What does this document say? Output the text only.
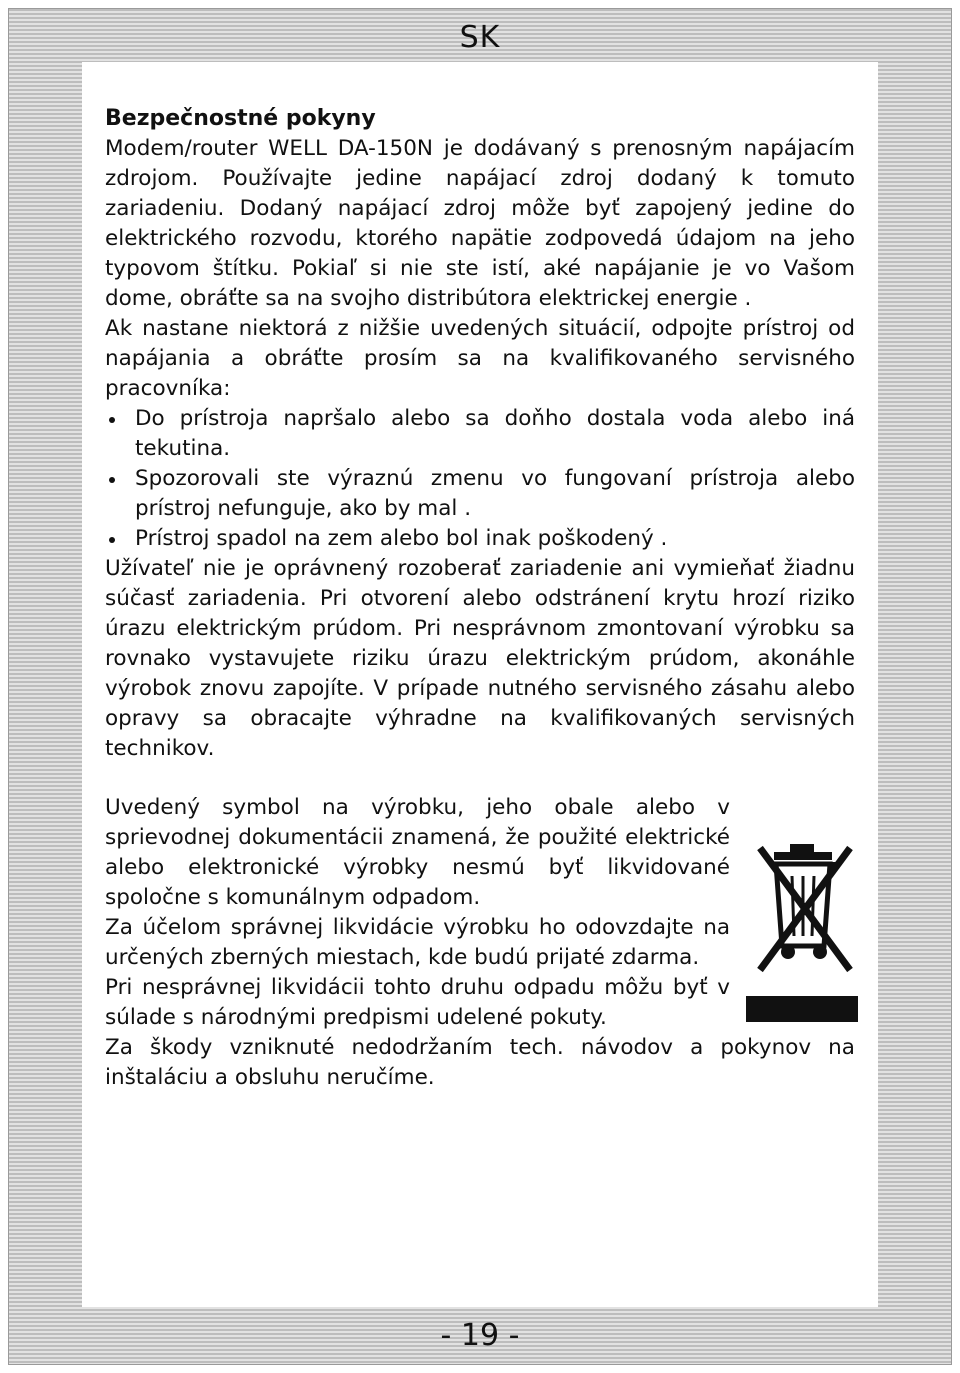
SK
Bezpečnostné pokyny

Modem/router WELL DA-150N je dodávaný s prenosným napájacím zdrojom. Používajte jedine napájací zdroj dodaný k tomuto zariadeniu. Dodaný napájací zdroj môže byť zapojený jedine do elektrického rozvodu, ktorého napätie zodpovedá údajom na jeho typovom štítku. Pokiaľ si nie ste istí, aké napájanie je vo Vašom dome, obráťte sa na svojho distribútora elektrickej energie .

Ak nastane niektorá z nižšie uvedených situácií, odpojte prístroj od napájania a obráťte prosím sa na kvalifikovaného servisného pracovníka:

Do prístroja napršalo alebo sa doňho dostala voda alebo iná tekutina.
Spozorovali ste výraznú zmenu vo fungovaní prístroja alebo prístroj nefunguje, ako by mal .
Prístroj spadol na zem alebo bol inak poškodený .

Užívateľ nie je oprávnený rozoberať zariadenie ani vymieňať žiadnu súčasť zariadenia. Pri otvorení alebo odstránení krytu hrozí riziko úrazu elektrickým prúdom. Pri nesprávnom zmontovaní výrobku sa rovnako vystavujete riziku úrazu elektrickým prúdom, akonáhle výrobok znovu zapojíte. V prípade nutného servisného zásahu alebo opravy sa obracajte výhradne na kvalifikovaných servisných technikov.

Uvedený symbol na výrobku, jeho obale alebo v sprievodnej dokumentácii znamená, že použité elektrické alebo elektronické výrobky nesmú byť likvidované spoločne s komunálnym odpadom.

Za účelom správnej likvidácie výrobku ho odovzdajte na určených zberných miestach, kde budú prijaté zdarma.

Pri nesprávnej likvidácii tohto druhu odpadu môžu byť v súlade s národnými predpismi udelené pokuty.

Za škody vzniknuté nedodržaním tech. návodov a pokynov na inštaláciu a obsluhu neručíme.

- 19 -
